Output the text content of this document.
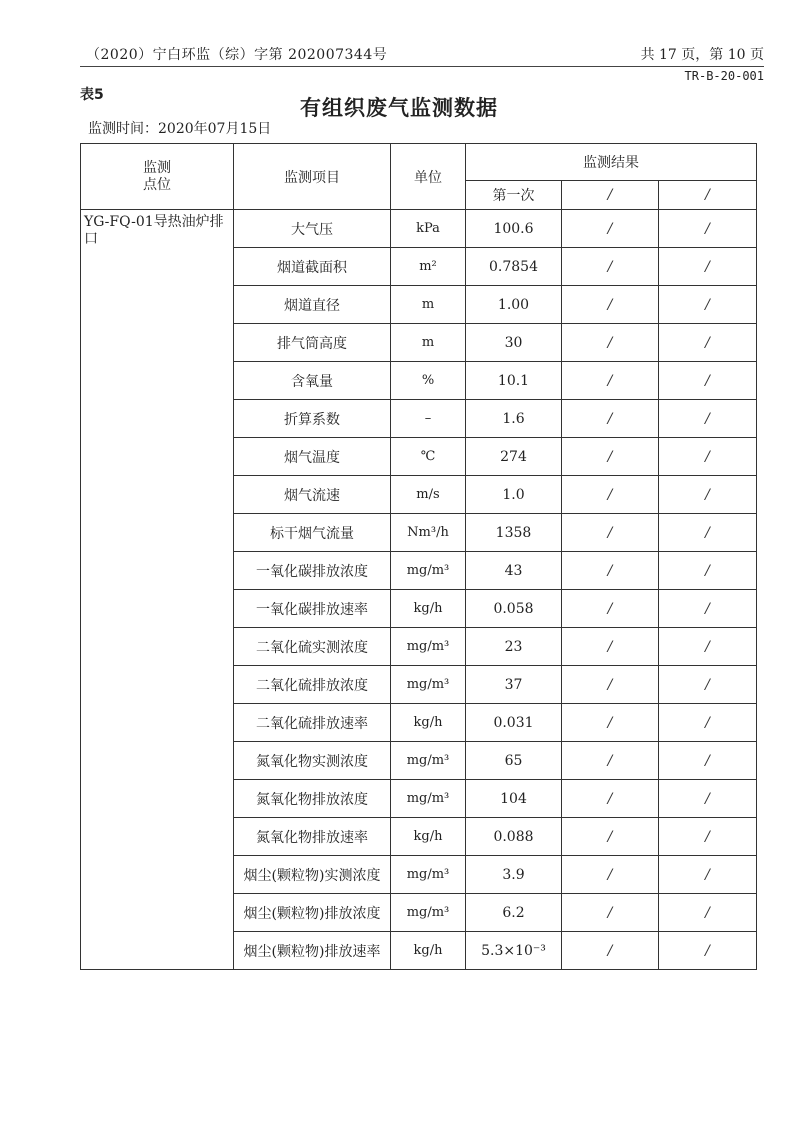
（2020）宁白环监（综）字第 202007344号	共 17 页，第 10 页
TR-B-20-001
表5
有组织废气监测数据
监测时间：2020年07月15日
监测
点位	监测项目	单位	监测结果		
			第一次	/	/
YG-FQ-01导热油炉排口	大气压	kPa	100.6	/	/
	烟道截面积	m²	0.7854	/	/
	烟道直径	m	1.00	/	/
	排气筒高度	m	30	/	/
	含氧量	%	10.1	/	/
	折算系数	–	1.6	/	/
	烟气温度	℃	274	/	/
	烟气流速	m/s	1.0	/	/
	标干烟气流量	Nm³/h	1358	/	/
	一氧化碳排放浓度	mg/m³	43	/	/
	一氧化碳排放速率	kg/h	0.058	/	/
	二氧化硫实测浓度	mg/m³	23	/	/
	二氧化硫排放浓度	mg/m³	37	/	/
	二氧化硫排放速率	kg/h	0.031	/	/
	氮氧化物实测浓度	mg/m³	65	/	/
	氮氧化物排放浓度	mg/m³	104	/	/
	氮氧化物排放速率	kg/h	0.088	/	/
	烟尘(颗粒物)实测浓度	mg/m³	3.9	/	/
	烟尘(颗粒物)排放浓度	mg/m³	6.2	/	/
	烟尘(颗粒物)排放速率	kg/h	5.3×10⁻³	/	/
